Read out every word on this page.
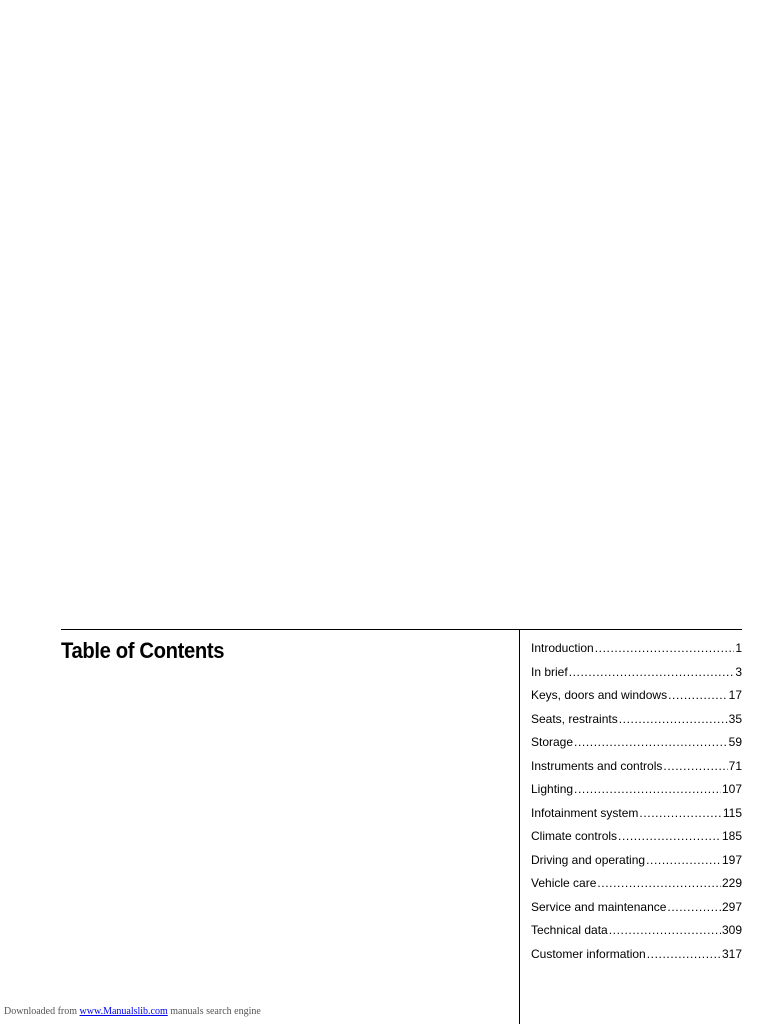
Table of Contents	Introduction .....	1
In brief .....	3
Keys, doors and windows .....	17
Seats, restraints .....	35
Storage .....	59
Instruments and controls .....	71
Lighting .....	107
Infotainment system .....	115
Climate controls .....	185
Driving and operating .....	197
Vehicle care .....	229
Service and maintenance .....	297
Technical data .....	309
Customer information .....	317
Downloaded from www.Manualslib.com manuals search engine
